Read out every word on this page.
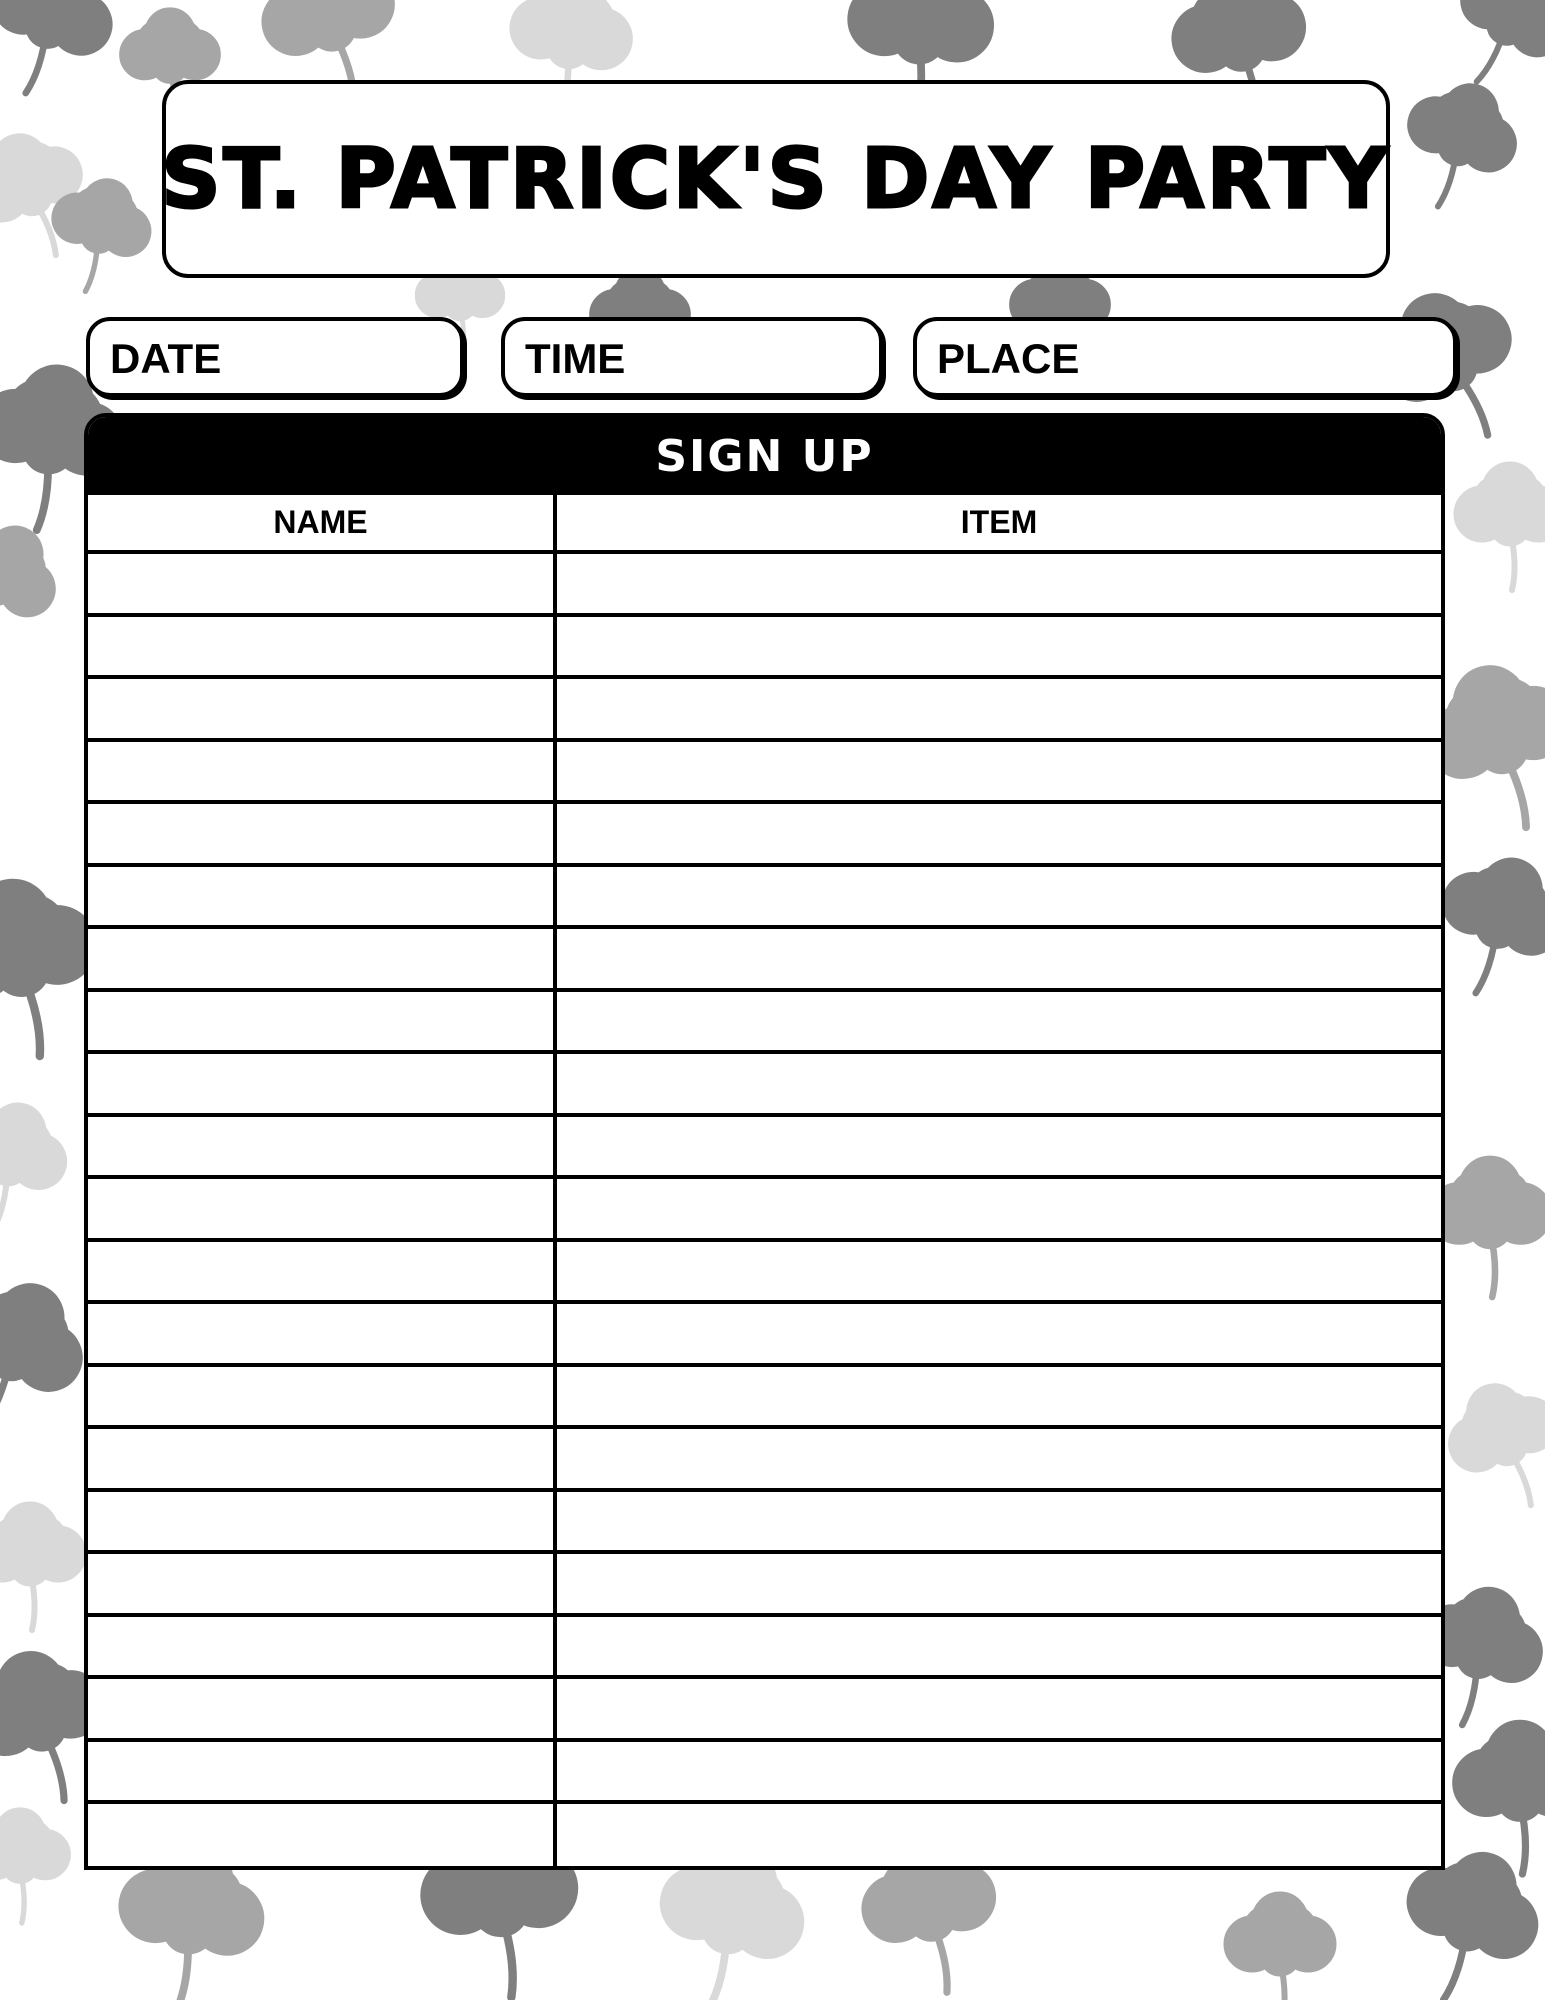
ST. PATRICK'S DAY PARTY
DATE	TIME	PLACE
SIGN UP
NAME	ITEM
